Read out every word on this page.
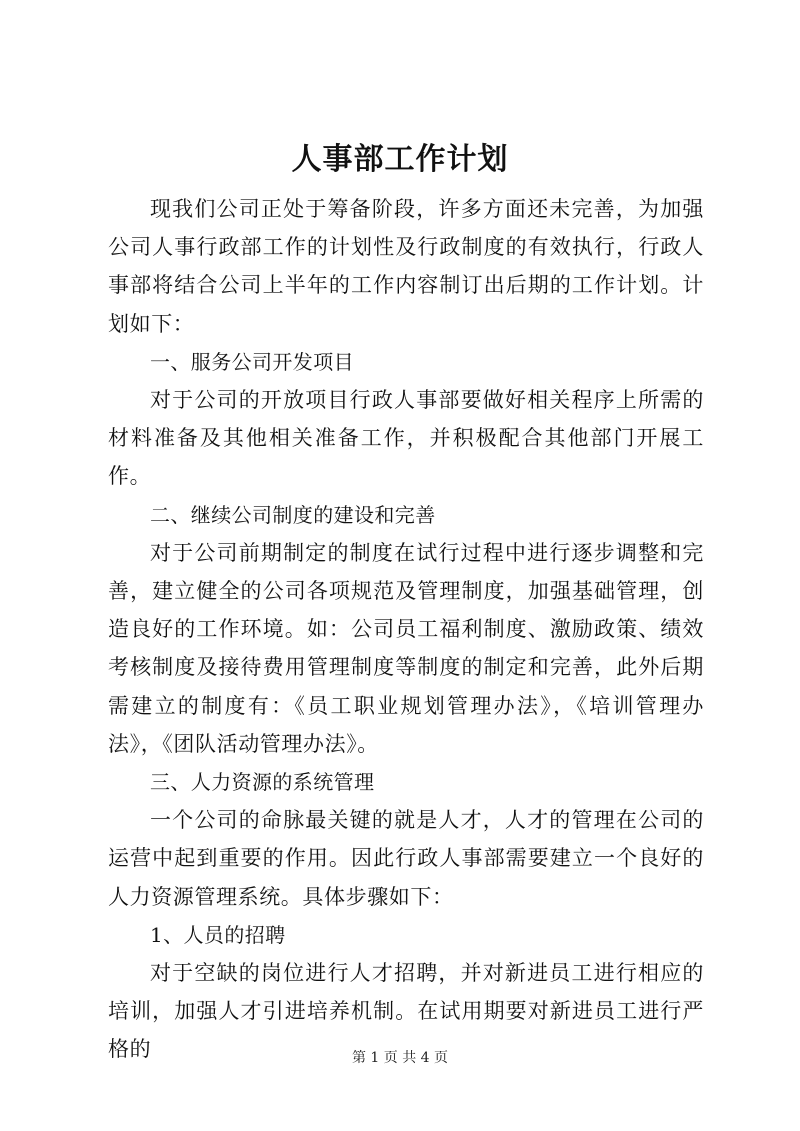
人事部工作计划

现我们公司正处于筹备阶段，许多方面还未完善，为加强公司人事行政部工作的计划性及行政制度的有效执行，行政人事部将结合公司上半年的工作内容制订出后期的工作计划。计划如下：

一、服务公司开发项目

对于公司的开放项目行政人事部要做好相关程序上所需的材料准备及其他相关准备工作，并积极配合其他部门开展工作。

二、继续公司制度的建设和完善

对于公司前期制定的制度在试行过程中进行逐步调整和完善，建立健全的公司各项规范及管理制度，加强基础管理，创造良好的工作环境。如：公司员工福利制度、激励政策、绩效考核制度及接待费用管理制度等制度的制定和完善，此外后期需建立的制度有：《员工职业规划管理办法》，《培训管理办法》，《团队活动管理办法》。

三、人力资源的系统管理

一个公司的命脉最关键的就是人才，人才的管理在公司的运营中起到重要的作用。因此行政人事部需要建立一个良好的人力资源管理系统。具体步骤如下：

1、人员的招聘

对于空缺的岗位进行人才招聘，并对新进员工进行相应的培训，加强人才引进培养机制。在试用期要对新进员工进行严格的	第 1 页 共 4 页
